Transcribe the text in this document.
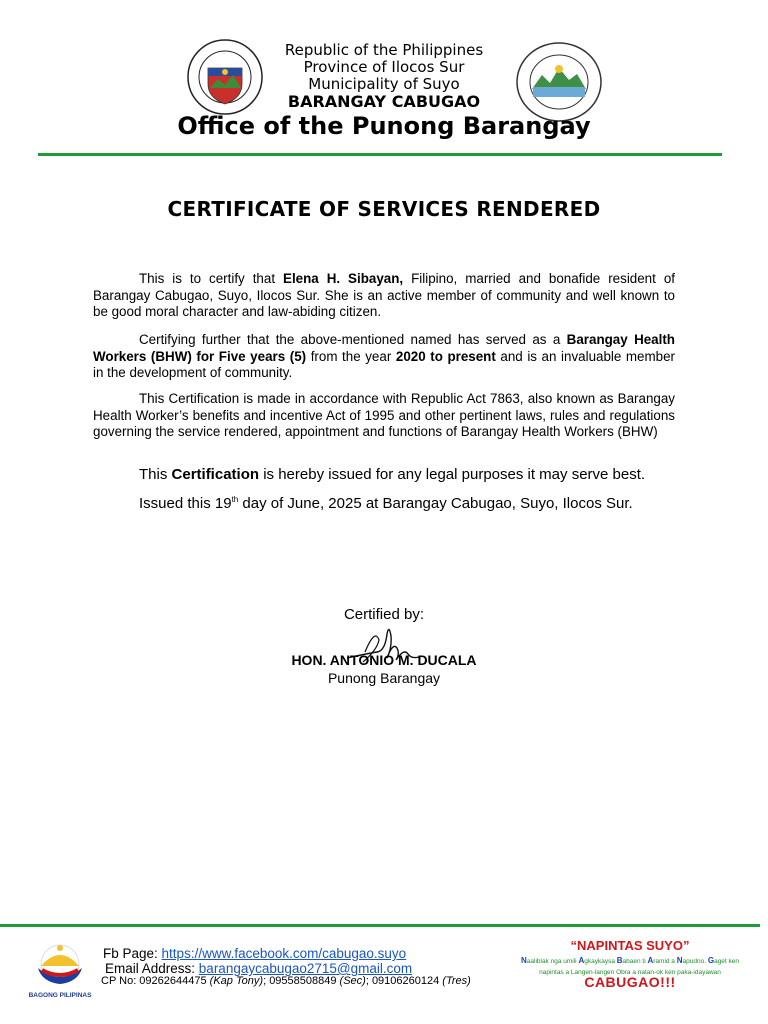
Republic of the Philippines
Province of Ilocos Sur
Municipality of Suyo
BARANGAY CABUGAO
Office of the Punong Barangay
CERTIFICATE OF SERVICES RENDERED

This is to certify that Elena H. Sibayan, Filipino, married and bonafide resident of Barangay Cabugao, Suyo, Ilocos Sur. She is an active member of community and well known to be good moral character and law-abiding citizen.

Certifying further that the above-mentioned named has served as a Barangay Health Workers (BHW) for Five years (5) from the year 2020 to present and is an invaluable member in the development of community.

This Certification is made in accordance with Republic Act 7863, also known as Barangay Health Worker’s benefits and incentive Act of 1995 and other pertinent laws, rules and regulations governing the service rendered, appointment and functions of Barangay Health Workers (BHW)

This Certification is hereby issued for any legal purposes it may serve best.
Issued this 19th day of June, 2025 at Barangay Cabugao, Suyo, Ilocos Sur.
Certified by:
HON. ANTONIO M. DUCALA
Punong Barangay
BAGONG PILIPINAS
Fb Page: https://www.facebook.com/cabugao.suyo
Email Address: barangaycabugao2715@gmail.com
CP No: 09262644475 (Kap Tony); 09558508849 (Sec); 09106260124 (Tres)
“NAPINTAS SUYO”
Naaliblak nga umili Agkaykaysa Babaen ti Aramid a Napudno. Gaget ken
napintas a Langen-langen Obra a natan-ok ken paka-idayawan
CABUGAO!!!
